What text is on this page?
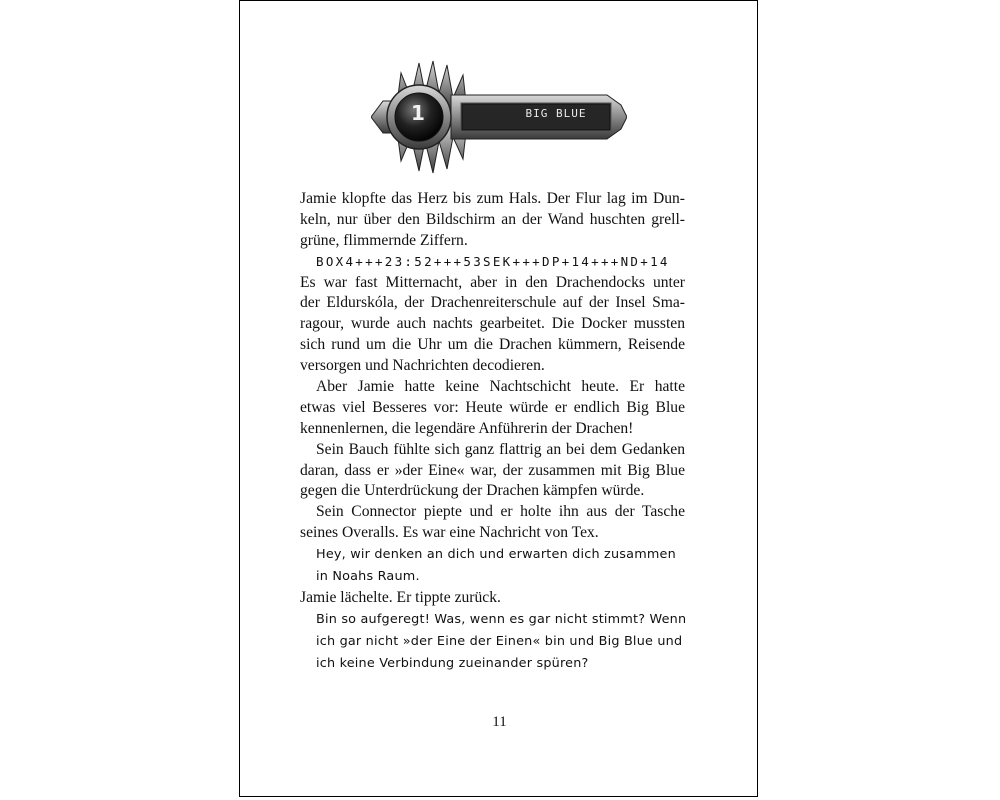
1	BIG BLUE
Jamie klopfte das Herz bis zum Hals. Der Flur lag im Dun-
keln, nur über den Bildschirm an der Wand huschten grell-
grüne, flimmernde Ziffern.
BOX4+++23:52+++53SEK+++DP+14+++ND+14
Es war fast Mitternacht, aber in den Drachendocks unter
der Eldurskóla, der Drachenreiterschule auf der Insel Sma-
ragour, wurde auch nachts gearbeitet. Die Docker mussten
sich rund um die Uhr um die Drachen kümmern, Reisende
versorgen und Nachrichten decodieren.
Aber Jamie hatte keine Nachtschicht heute. Er hatte
etwas viel Besseres vor: Heute würde er endlich Big Blue
kennenlernen, die legendäre Anführerin der Drachen!
Sein Bauch fühlte sich ganz flattrig an bei dem Gedanken
daran, dass er »der Eine« war, der zusammen mit Big Blue
gegen die Unterdrückung der Drachen kämpfen würde.
Sein Connector piepte und er holte ihn aus der Tasche
seines Overalls. Es war eine Nachricht von Tex.
Hey, wir denken an dich und erwarten dich zusammen
in Noahs Raum.
Jamie lächelte. Er tippte zurück.
Bin so aufgeregt! Was, wenn es gar nicht stimmt? Wenn
ich gar nicht »der Eine der Einen« bin und Big Blue und
ich keine Verbindung zueinander spüren?
11
